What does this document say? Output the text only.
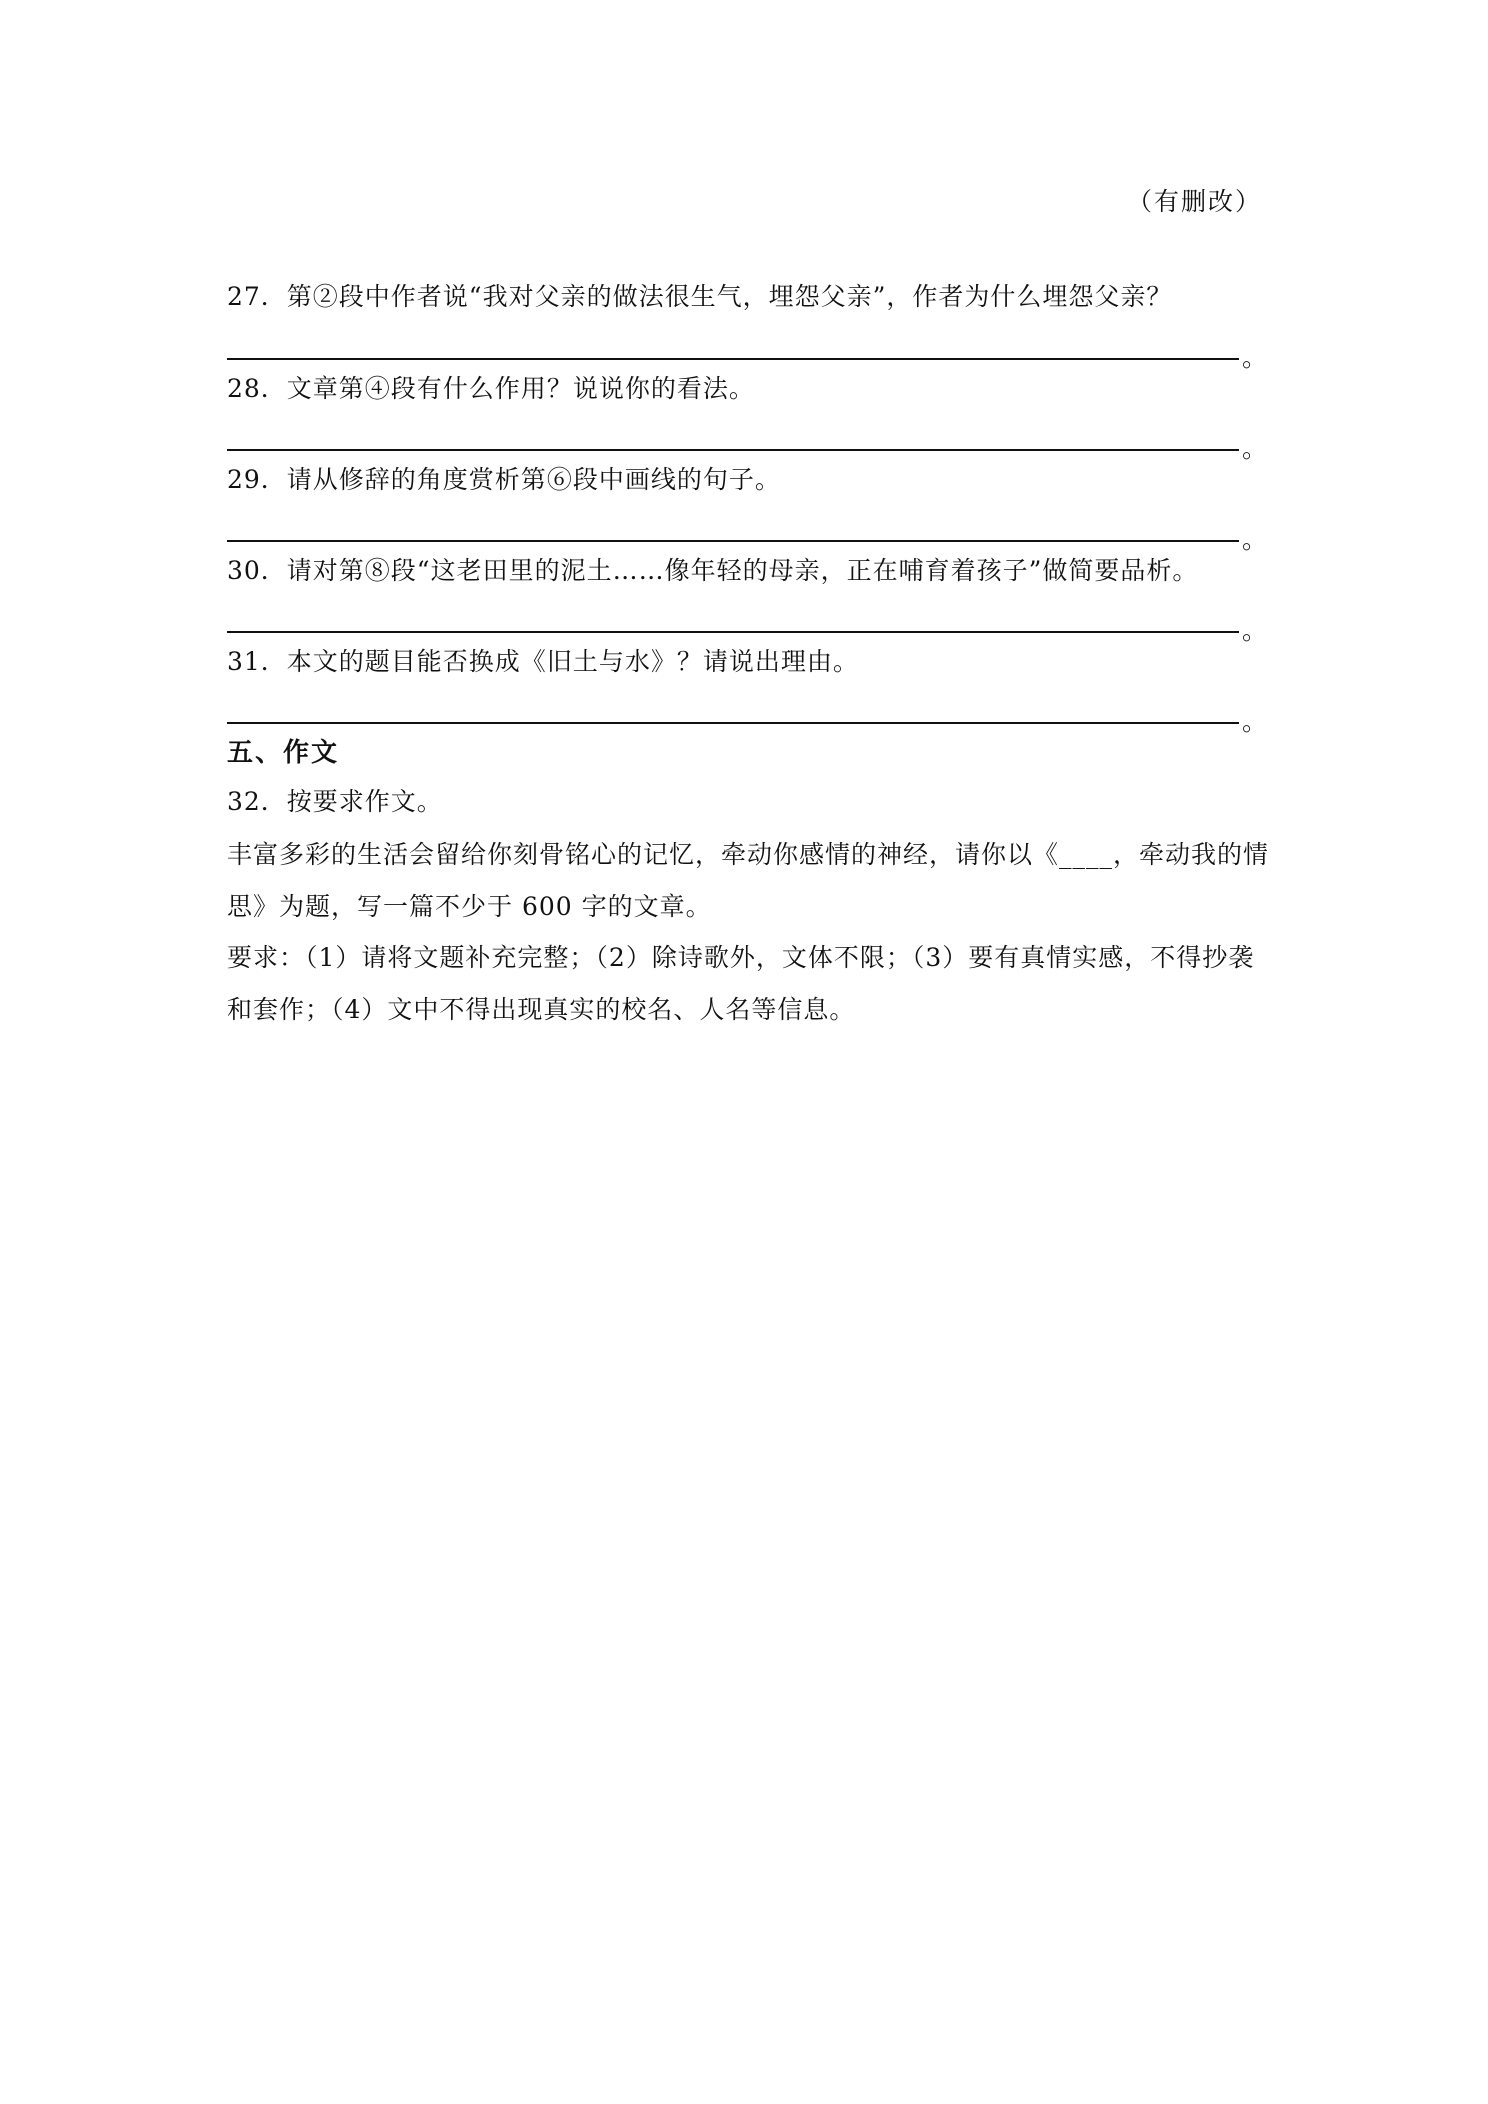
（有删改）
27．第②段中作者说“我对父亲的做法很生气，埋怨父亲”，作者为什么埋怨父亲？
。
28．文章第④段有什么作用？说说你的看法。
。
29．请从修辞的角度赏析第⑥段中画线的句子。
。
30．请对第⑧段“这老田里的泥土……像年轻的母亲，正在哺育着孩子”做简要品析。
。
31．本文的题目能否换成《旧土与水》？请说出理由。
。
五、作文
32．按要求作文。
丰富多彩的生活会留给你刻骨铭心的记忆，牵动你感情的神经，请你以《____，牵动我的情思》为题，写一篇不少于 600 字的文章。
要求：（1）请将文题补充完整；（2）除诗歌外，文体不限；（3）要有真情实感，不得抄袭和套作；（4）文中不得出现真实的校名、人名等信息。
